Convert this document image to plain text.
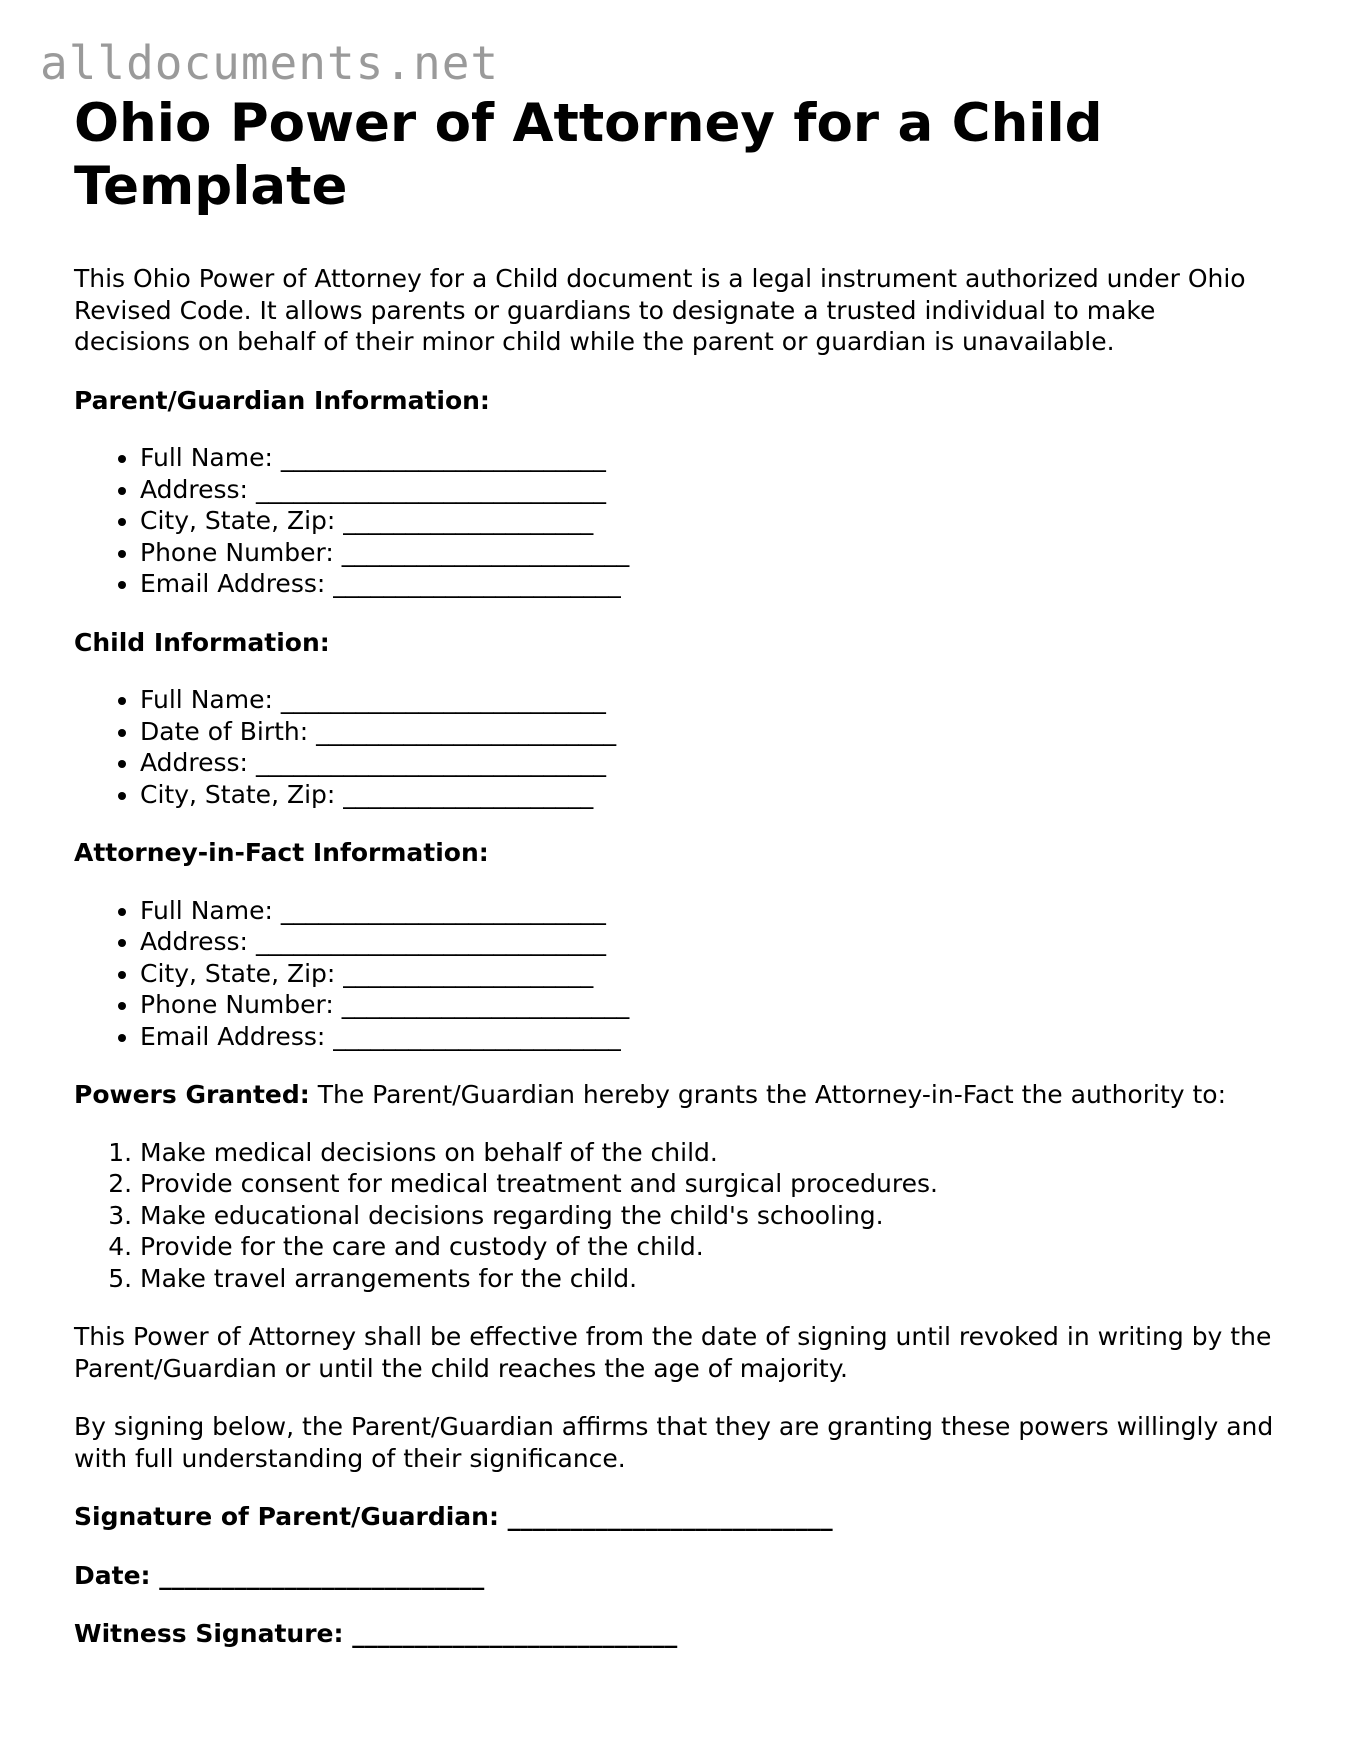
alldocuments.net
Ohio Power of Attorney for a Child
Template

This Ohio Power of Attorney for a Child document is a legal instrument authorized under Ohio Revised Code. It allows parents or guardians to designate a trusted individual to make decisions on behalf of their minor child while the parent or guardian is unavailable.

Parent/Guardian Information:

• Full Name: __________________________
• Address: ____________________________
• City, State, Zip: ____________________
• Phone Number: _______________________
• Email Address: _______________________

Child Information:

• Full Name: __________________________
• Date of Birth: ________________________
• Address: ____________________________
• City, State, Zip: ____________________

Attorney-in-Fact Information:

• Full Name: __________________________
• Address: ____________________________
• City, State, Zip: ____________________
• Phone Number: _______________________
• Email Address: _______________________

Powers Granted: The Parent/Guardian hereby grants the Attorney-in-Fact the authority to:

1. Make medical decisions on behalf of the child.
2. Provide consent for medical treatment and surgical procedures.
3. Make educational decisions regarding the child's schooling.
4. Provide for the care and custody of the child.
5. Make travel arrangements for the child.

This Power of Attorney shall be effective from the date of signing until revoked in writing by the Parent/Guardian or until the child reaches the age of majority.

By signing below, the Parent/Guardian affirms that they are granting these powers willingly and with full understanding of their significance.

Signature of Parent/Guardian: __________________________

Date: __________________________

Witness Signature: __________________________
